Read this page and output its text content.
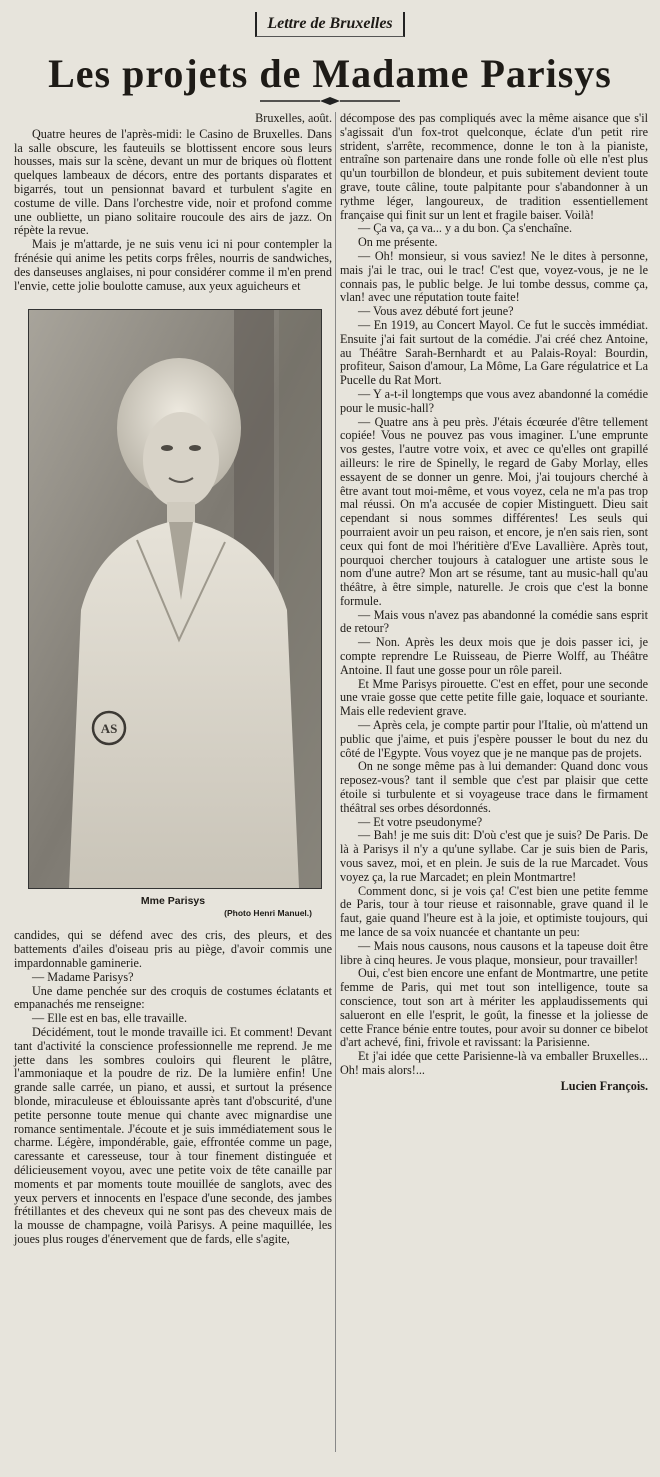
Lettre de Bruxelles
Les projets de Madame Parisys
Bruxelles, août.

Quatre heures de l'après-midi: le Casino de Bruxelles. Dans la salle obscure, les fauteuils se blottissent encore sous leurs housses, mais sur la scène, devant un mur de briques où flottent quelques lambeaux de décors, entre des portants disparates et bigarrés, tout un pensionnat bavard et turbulent s'agite en costume de ville. Dans l'orchestre vide, noir et profond comme une oubliette, un piano solitaire roucoule des airs de jazz. On répète la revue.

Mais je m'attarde, je ne suis venu ici ni pour contempler la frénésie qui anime les petits corps frêles, nourris de sandwiches, des danseuses anglaises, ni pour considérer comme il m'en prend l'envie, cette jolie boulotte camuse, aux yeux aguicheurs et

AS
Mme Parisys
(Photo Henri Manuel.)

candides, qui se défend avec des cris, des pleurs, et des battements d'ailes d'oiseau pris au piège, d'avoir commis une impardonnable gaminerie.

— Madame Parisys?

Une dame penchée sur des croquis de costumes éclatants et empanachés me renseigne:

— Elle est en bas, elle travaille.

Décidément, tout le monde travaille ici. Et comment! Devant tant d'activité la conscience professionnelle me reprend. Je me jette dans les sombres couloirs qui fleurent le plâtre, l'ammoniaque et la poudre de riz. De la lumière enfin! Une grande salle carrée, un piano, et aussi, et surtout la présence blonde, miraculeuse et éblouissante après tant d'obscurité, d'une petite personne toute menue qui chante avec mignardise une romance sentimentale. J'écoute et je suis immédiatement sous le charme. Légère, impondérable, gaie, effrontée comme un page, caressante et caresseuse, tour à tour finement distinguée et délicieusement voyou, avec une petite voix de tête canaille par moments et par moments toute mouillée de sanglots, avec des yeux pervers et innocents en l'espace d'une seconde, des jambes frétillantes et des cheveux qui ne sont pas des cheveux mais de la mousse de champagne, voilà Parisys. A peine maquillée, les joues plus rouges d'énervement que de fards, elle s'agite,

décompose des pas compliqués avec la même aisance que s'il s'agissait d'un fox-trot quelconque, éclate d'un petit rire strident, s'arrête, recommence, donne le ton à la pianiste, entraîne son partenaire dans une ronde folle où elle n'est plus qu'un tourbillon de blondeur, et puis subitement devient toute grave, toute câline, toute palpitante pour s'abandonner à un rythme léger, langoureux, de tradition essentiellement française qui finit sur un lent et fragile baiser. Voilà!

— Ça va, ça va... y a du bon. Ça s'enchaîne.

On me présente.

— Oh! monsieur, si vous saviez! Ne le dites à personne, mais j'ai le trac, oui le trac! C'est que, voyez-vous, je ne le connais pas, le public belge. Je lui tombe dessus, comme ça, vlan! avec une réputation toute faite!

— Vous avez débuté fort jeune?

— En 1919, au Concert Mayol. Ce fut le succès immédiat. Ensuite j'ai fait surtout de la comédie. J'ai créé chez Antoine, au Théâtre Sarah-Bernhardt et au Palais-Royal: Bourdin, profiteur, Saison d'amour, La Môme, La Gare régulatrice et La Pucelle du Rat Mort.

— Y a-t-il longtemps que vous avez abandonné la comédie pour le music-hall?

— Quatre ans à peu près. J'étais écœurée d'être tellement copiée! Vous ne pouvez pas vous imaginer. L'une emprunte vos gestes, l'autre votre voix, et avec ce qu'elles ont grapillé ailleurs: le rire de Spinelly, le regard de Gaby Morlay, elles essayent de se donner un genre. Moi, j'ai toujours cherché à être avant tout moi-même, et vous voyez, cela ne m'a pas trop mal réussi. On m'a accusée de copier Mistinguett. Dieu sait cependant si nous sommes différentes! Les seuls qui pourraient avoir un peu raison, et encore, je n'en sais rien, sont ceux qui font de moi l'héritière d'Eve Lavallière. Après tout, pourquoi chercher toujours à cataloguer une artiste sous le nom d'une autre? Mon art se résume, tant au music-hall qu'au théâtre, à être simple, naturelle. Je crois que c'est la bonne formule.

— Mais vous n'avez pas abandonné la comédie sans esprit de retour?

— Non. Après les deux mois que je dois passer ici, je compte reprendre Le Ruisseau, de Pierre Wolff, au Théâtre Antoine. Il faut une gosse pour un rôle pareil.

Et Mme Parisys pirouette. C'est en effet, pour une seconde une vraie gosse que cette petite fille gaie, loquace et souriante. Mais elle redevient grave.

— Après cela, je compte partir pour l'Italie, où m'attend un public que j'aime, et puis j'espère pousser le bout du nez du côté de l'Egypte. Vous voyez que je ne manque pas de projets.

On ne songe même pas à lui demander: Quand donc vous reposez-vous? tant il semble que c'est par plaisir que cette étoile si turbulente et si voyageuse trace dans le firmament théâtral ses orbes désordonnés.

— Et votre pseudonyme?

— Bah! je me suis dit: D'où c'est que je suis? De Paris. De là à Parisys il n'y a qu'une syllabe. Car je suis bien de Paris, vous savez, moi, et en plein. Je suis de la rue Marcadet. Vous voyez ça, la rue Marcadet; en plein Montmartre!

Comment donc, si je vois ça! C'est bien une petite femme de Paris, tour à tour rieuse et raisonnable, grave quand il le faut, gaie quand l'heure est à la joie, et optimiste toujours, qui me lance de sa voix nuancée et chantante un peu:

— Mais nous causons, nous causons et la tapeuse doit être libre à cinq heures. Je vous plaque, monsieur, pour travailler!

Oui, c'est bien encore une enfant de Montmartre, une petite femme de Paris, qui met tout son intelligence, toute sa conscience, tout son art à mériter les applaudissements qui salueront en elle l'esprit, le goût, la finesse et la joliesse de cette France bénie entre toutes, pour avoir su donner ce bibelot d'art achevé, fini, frivole et ravissant: la Parisienne.

Et j'ai idée que cette Parisienne-là va emballer Bruxelles... Oh! mais alors!...

Lucien François.
